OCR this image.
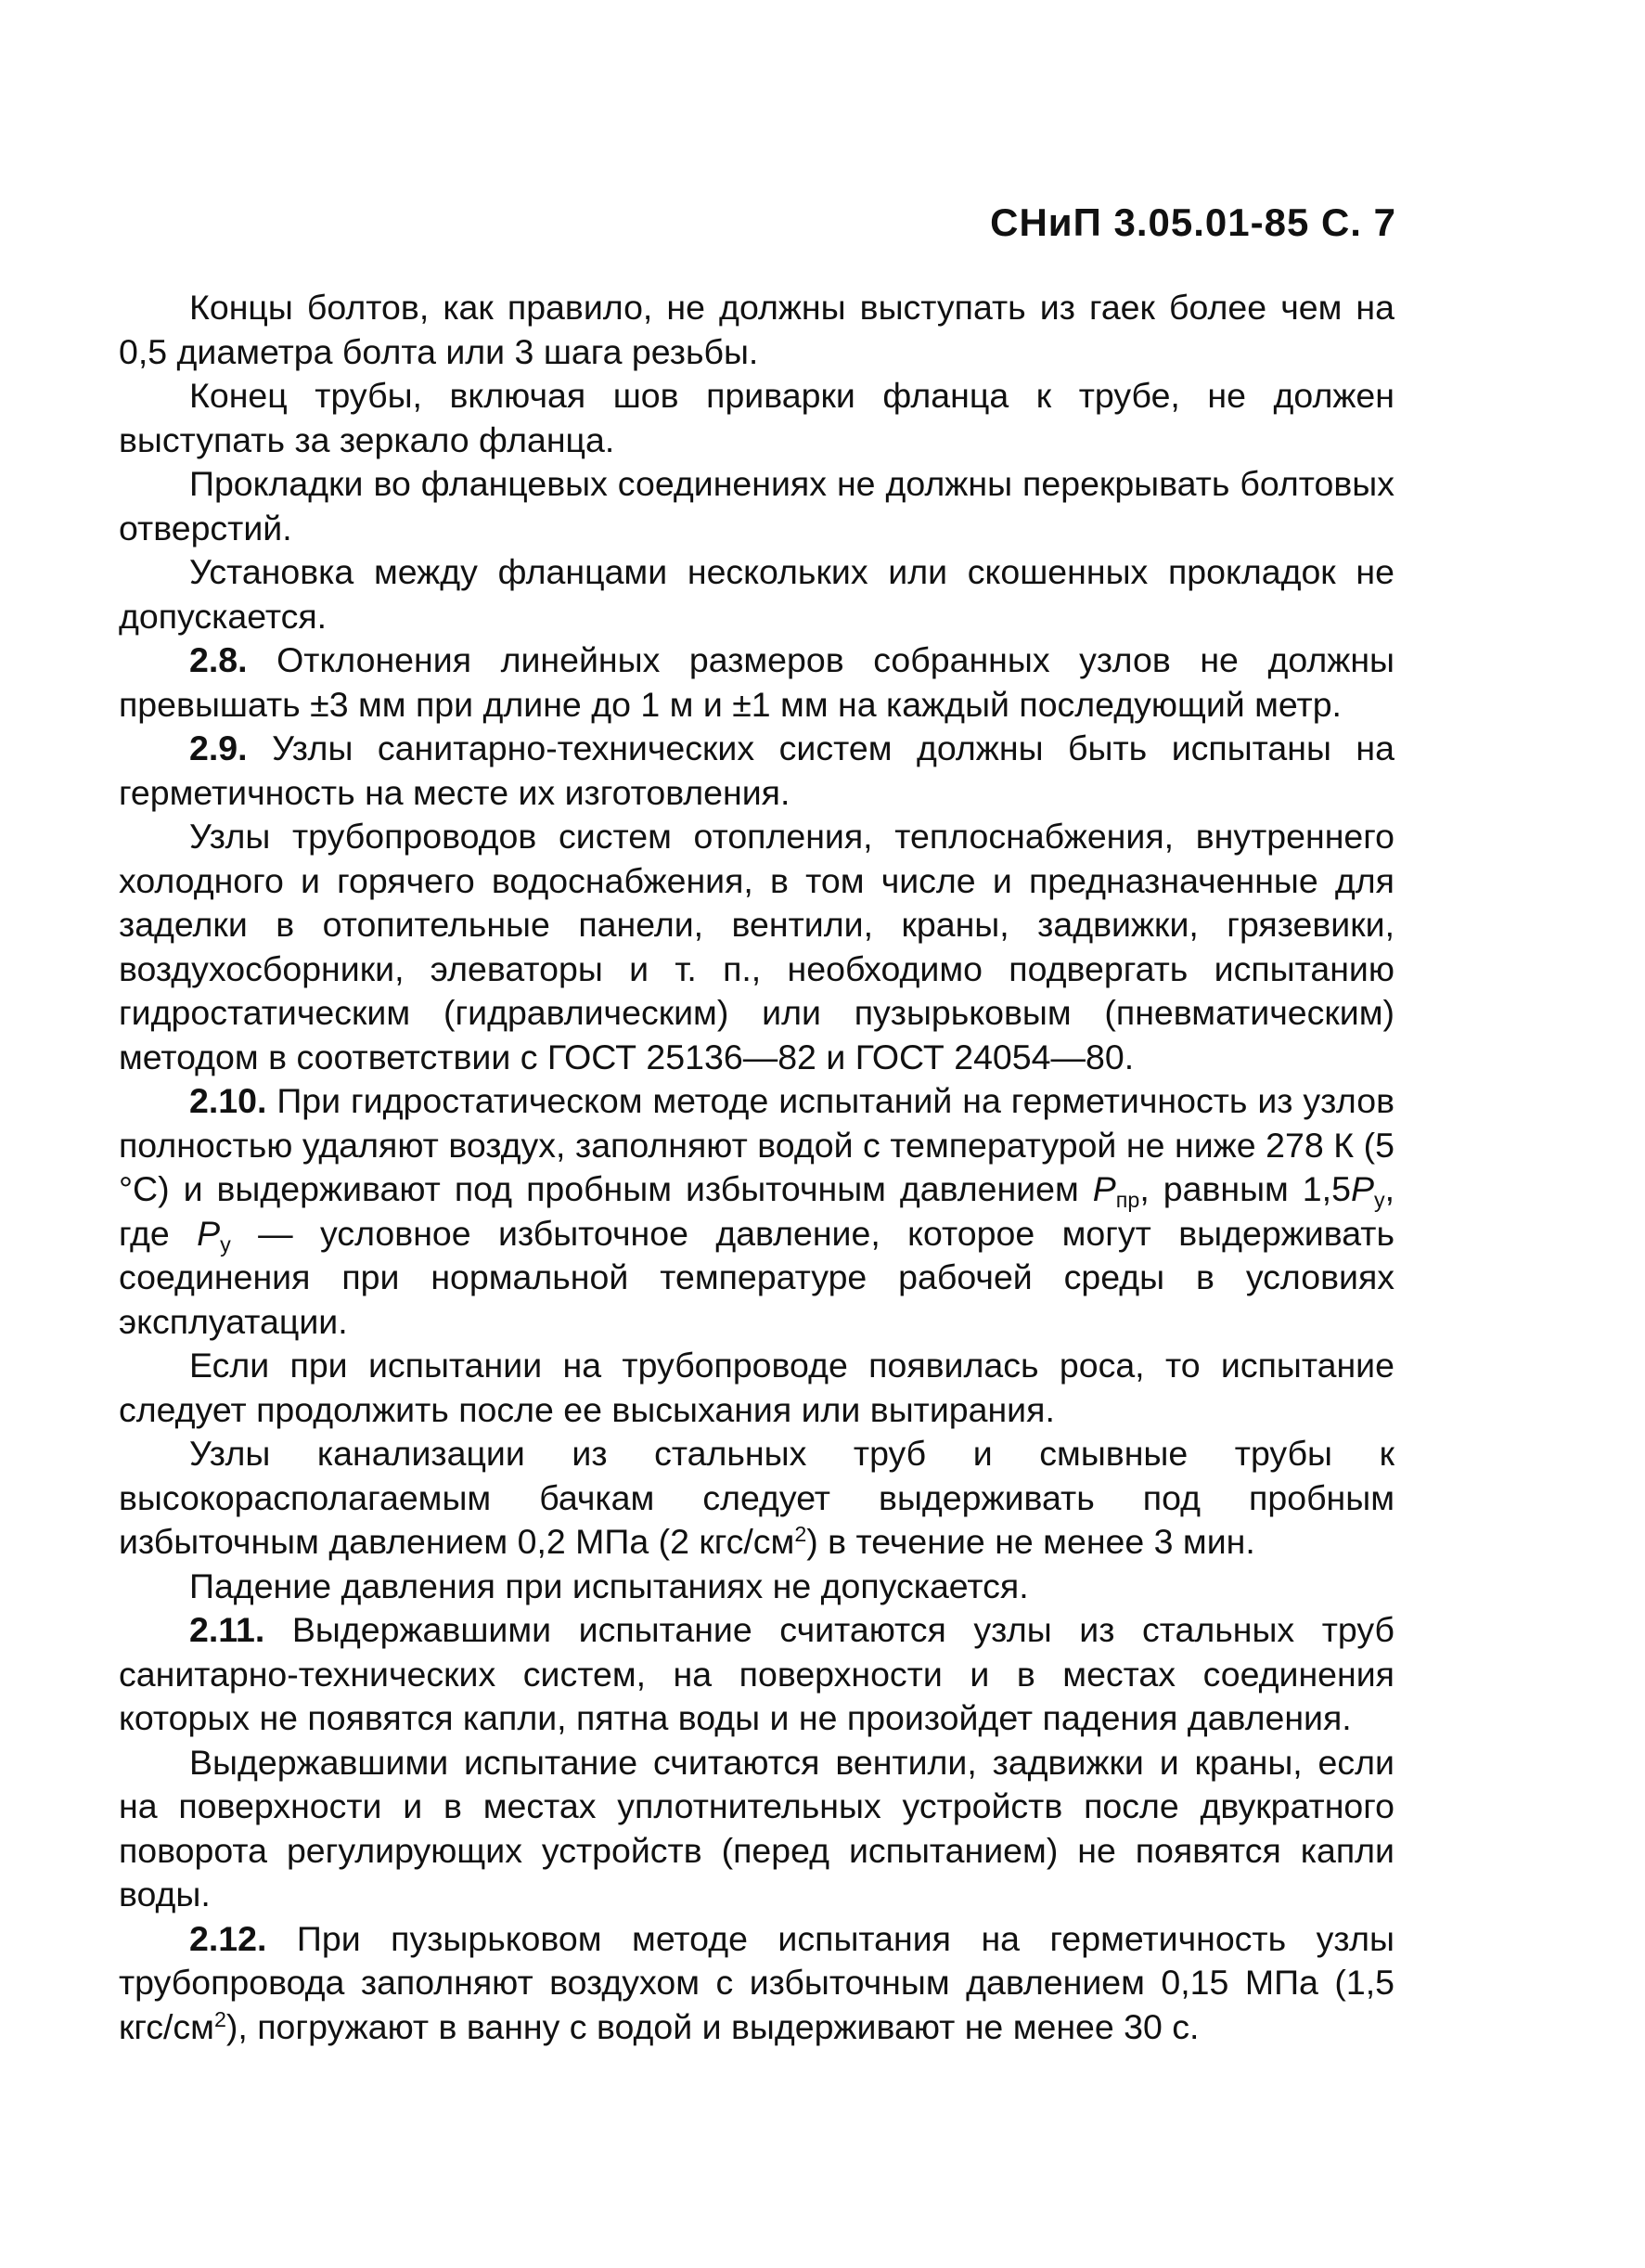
СНиП 3.05.01-85 С. 7

Концы болтов, как правило, не должны выступать из гаек более чем на 0,5 диаметра болта или 3 шага резьбы.

Конец трубы, включая шов приварки фланца к трубе, не должен выступать за зеркало фланца.

Прокладки во фланцевых соединениях не должны перекрывать болтовых отверстий.

Установка между фланцами нескольких или скошенных прокладок не допускается.

2.8. Отклонения линейных размеров собранных узлов не должны превышать ±3 мм при длине до 1 м и ±1 мм на каждый последующий метр.

2.9. Узлы санитарно-технических систем должны быть испытаны на герметичность на месте их изготовления.

Узлы трубопроводов систем отопления, теплоснабжения, внутреннего холодного и горячего водоснабжения, в том числе и предназначенные для заделки в отопительные панели, вентили, краны, задвижки, грязевики, воздухосборники, элеваторы и т. п., необходимо подвергать испытанию гидростатическим (гидравлическим) или пузырьковым (пневматическим) методом в соответствии с ГОСТ 25136—82 и ГОСТ 24054—80.

2.10. При гидростатическом методе испытаний на герметичность из узлов полностью удаляют воздух, заполняют водой с температурой не ниже 278 К (5 °С) и выдерживают под пробным избыточным давлением $P_{пр}$, равным $1,5P_у$, где $P_у$ — условное избыточное давление, которое могут выдерживать соединения при нормальной температуре рабочей среды в условиях эксплуатации.

Если при испытании на трубопроводе появилась роса, то испытание следует продолжить после ее высыхания или вытирания.

Узлы канализации из стальных труб и смывные трубы к высокорасполагаемым бачкам следует выдерживать под пробным избыточным давлением 0,2 МПа (2 кгс/$см^2$) в течение не менее 3 мин.

Падение давления при испытаниях не допускается.

2.11. Выдержавшими испытание считаются узлы из стальных труб санитарно-технических систем, на поверхности и в местах соединения которых не появятся капли, пятна воды и не произойдет падения давления.

Выдержавшими испытание считаются вентили, задвижки и краны, если на поверхности и в местах уплотнительных устройств после двукратного поворота регулирующих устройств (перед испытанием) не появятся капли воды.

2.12. При пузырьковом методе испытания на герметичность узлы трубопровода заполняют воздухом с избыточным давлением 0,15 МПа (1,5 кгс/$см^2$), погружают в ванну с водой и выдерживают не менее 30 с.
